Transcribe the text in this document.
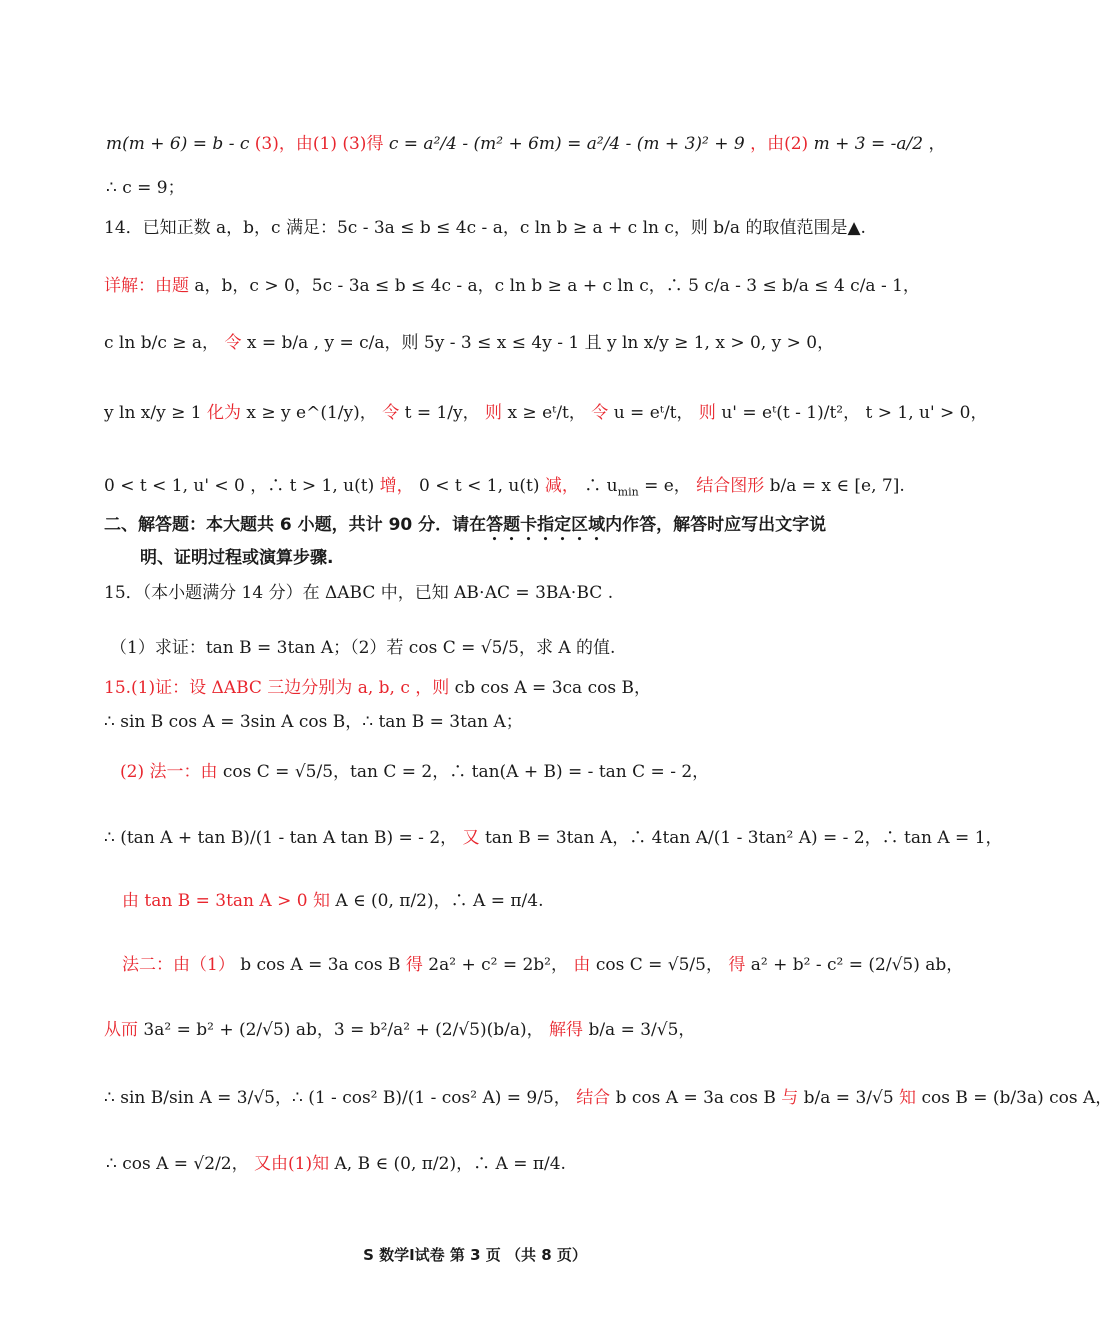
m(m + 6) = b - c (3)，由(1) (3)得 c = a²/4 - (m² + 6m) = a²/4 - (m + 3)² + 9 ，由(2) m + 3 = -a/2 ，
∴ c = 9；
14．已知正数 a，b，c 满足：5c - 3a ≤ b ≤ 4c - a，c ln b ≥ a + c ln c，则 b/a 的取值范围是▲.
详解：由题 a，b，c > 0，5c - 3a ≤ b ≤ 4c - a，c ln b ≥ a + c ln c，∴ 5 c/a - 3 ≤ b/a ≤ 4 c/a - 1，
c ln b/c ≥ a， 令 x = b/a , y = c/a，则 5y - 3 ≤ x ≤ 4y - 1 且 y ln x/y ≥ 1, x > 0, y > 0，
y ln x/y ≥ 1 化为 x ≥ y e^(1/y)， 令 t = 1/y， 则 x ≥ eᵗ/t， 令 u = eᵗ/t， 则 u' = eᵗ(t - 1)/t²， t > 1, u' > 0，
0 < t < 1, u' < 0 ，∴ t > 1, u(t) 增， 0 < t < 1, u(t) 减， ∴ $u_{min} = e$， 结合图形 b/a = x ∈ [e, 7].
二、解答题：本大题共 6 小题，共计 90 分．请在答题卡指定区域内作答，解答时应写出文字说
明、证明过程或演算步骤.
15．（本小题满分 14 分）在 ΔABC 中，已知 AB⋅AC = 3BA⋅BC .
（1）求证：tan B = 3tan A；（2）若 cos C = √5/5，求 A 的值.
15.(1)证：设 ΔABC 三边分别为 a, b, c ，则 cb cos A = 3ca cos B，
∴ sin B cos A = 3sin A cos B，∴ tan B = 3tan A；
(2) 法一：由 cos C = √5/5，tan C = 2，∴ tan(A + B) = - tan C = - 2，
∴ (tan A + tan B)/(1 - tan A tan B) = - 2， 又 tan B = 3tan A，∴ 4tan A/(1 - 3tan² A) = - 2，∴ tan A = 1，
由 tan B = 3tan A > 0 知 A ∈ (0, π/2)，∴ A = π/4.
法二：由（1） b cos A = 3a cos B 得 2a² + c² = 2b²， 由 cos C = √5/5， 得 a² + b² - c² = (2/√5) ab，
从而 3a² = b² + (2/√5) ab，3 = b²/a² + (2/√5)(b/a)， 解得 b/a = 3/√5，
∴ sin B/sin A = 3/√5，∴ (1 - cos² B)/(1 - cos² A) = 9/5， 结合 b cos A = 3a cos B 与 b/a = 3/√5 知 cos B = (b/3a) cos A，
∴ cos A = √2/2， 又由(1)知 A, B ∈ (0, π/2)，∴ A = π/4.
S 数学Ⅰ试卷 第 3 页 （共 8 页）
